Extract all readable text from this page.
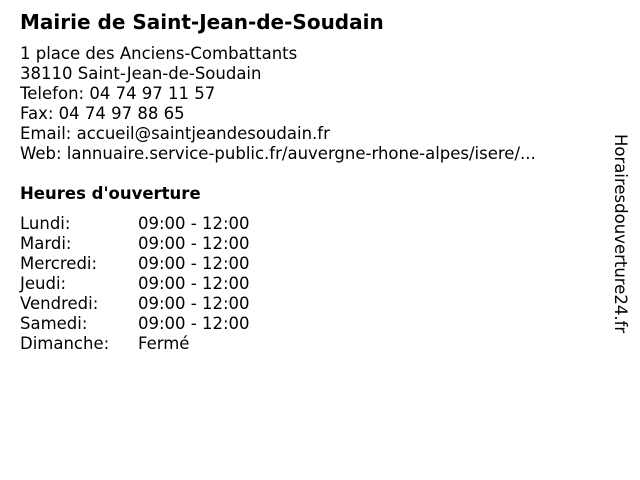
Mairie de Saint-Jean-de-Soudain
1 place des Anciens-Combattants
38110 Saint-Jean-de-Soudain
Telefon: 04 74 97 11 57
Fax: 04 74 97 88 65
Email: accueil@saintjeandesoudain.fr
Web: lannuaire.service-public.fr/auvergne-rhone-alpes/isere/...
Heures d'ouverture
Lundi:	09:00 - 12:00
Mardi:	09:00 - 12:00
Mercredi:	09:00 - 12:00
Jeudi:	09:00 - 12:00
Vendredi:	09:00 - 12:00
Samedi:	09:00 - 12:00
Dimanche:	Fermé
Horairesdouverture24.fr
